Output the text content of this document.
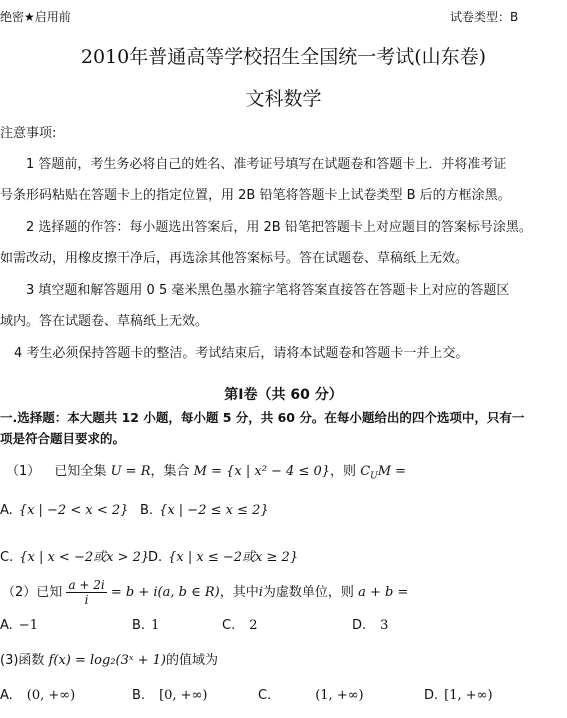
绝密★启用前	试卷类型：B
2010年普通高等学校招生全国统一考试(山东卷)
文科数学
注意事项:
1 答题前，考生务必将自己的姓名、准考证号填写在试题卷和答题卡上．并将准考证
号条形码粘贴在答题卡上的指定位置，用 2B 铅笔将答题卡上试卷类型 B 后的方框涂黑。
2 选择题的作答：每小题选出答案后，用 2B 铅笔把答题卡上对应题目的答案标号涂黑。
如需改动，用橡皮擦干净后，再选涂其他答案标号。答在试题卷、草稿纸上无效。
3 填空题和解答题用 0 5 毫米黑色墨水箍字笔将答案直接答在答题卡上对应的答题区
域内。答在试题卷、草稿纸上无效。
4 考生必须保持答题卡的整洁。考试结束后，请将本试题卷和答题卡一并上交。
第Ⅰ卷（共 60 分）
一.选择题：本大题共 12 小题，每小题 5 分，共 60 分。在每小题给出的四个选项中，只有一
项是符合题目要求的。
（1） 已知全集 U = R，集合 M = {x | x² − 4 ≤ 0}，则 $C_UM$ =
A. {x | −2 < x < 2} B. {x | −2 ≤ x ≤ 2}
C. {x | x < −2或x > 2}
D. {x | x ≤ −2或x ≥ 2}
（2）已知 $\frac{a + 2i}{i} = b + i(a$, b ∈ R)，其中i为虚数单位，则 a + b =
A. −1	B. 1	C. 2	D. 3
(3)函数 f(x) = log₂(3ˣ + 1)的值域为
A. (0, +∞)	B. [0, +∞)	C.	(1, +∞)	D. [1, +∞)
